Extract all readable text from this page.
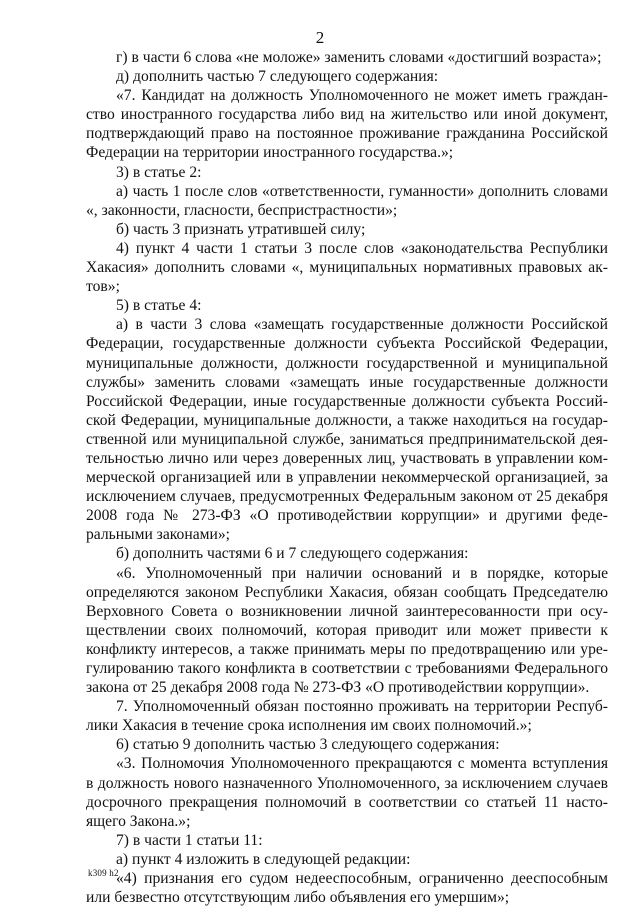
2

г) в части 6 слова «не моложе» заменить словами «достигший возраста»;

д) дополнить частью 7 следующего содержания:

«7. Кандидат на должность Уполномоченного не может иметь гражданство иностранного государства либо вид на жительство или иной документ, подтверждающий право на постоянное проживание гражданина Российской Федерации на территории иностранного государства.»;

3) в статье 2:

а) часть 1 после слов «ответственности, гуманности» дополнить словами «, законности, гласности, беспристрастности»;

б) часть 3 признать утратившей силу;

4) пункт 4 части 1 статьи 3 после слов «законодательства Республики Хакасия» дополнить словами «, муниципальных нормативных правовых актов»;

5) в статье 4:

а) в части 3 слова «замещать государственные должности Российской Федерации, государственные должности субъекта Российской Федерации, муниципальные должности, должности государственной и муниципальной службы» заменить словами «замещать иные государственные должности Российской Федерации, иные государственные должности субъекта Российской Федерации, муниципальные должности, а также находиться на государственной или муниципальной службе, заниматься предпринимательской деятельностью лично или через доверенных лиц, участвовать в управлении коммерческой организацией или в управлении некоммерческой организацией, за исключением случаев, предусмотренных Федеральным законом от 25 декабря 2008 года № 273-ФЗ «О противодействии коррупции» и другими федеральными законами»;

б) дополнить частями 6 и 7 следующего содержания:

«6. Уполномоченный при наличии оснований и в порядке, которые определяются законом Республики Хакасия, обязан сообщать Председателю Верховного Совета о возникновении личной заинтересованности при осуществлении своих полномочий, которая приводит или может привести к конфликту интересов, а также принимать меры по предотвращению или урегулированию такого конфликта в соответствии с требованиями Федерального закона от 25 декабря 2008 года № 273-ФЗ «О противодействии коррупции».

7. Уполномоченный обязан постоянно проживать на территории Республики Хакасия в течение срока исполнения им своих полномочий.»;

6) статью 9 дополнить частью 3 следующего содержания:

«3. Полномочия Уполномоченного прекращаются с момента вступления в должность нового назначенного Уполномоченного, за исключением случаев досрочного прекращения полномочий в соответствии со статьей 11 настоящего Закона.»;

7) в части 1 статьи 11:

а) пункт 4 изложить в следующей редакции:

«4) признания его судом недееспособным, ограниченно дееспособным или безвестно отсутствующим либо объявления его умершим»;

k309 h2
